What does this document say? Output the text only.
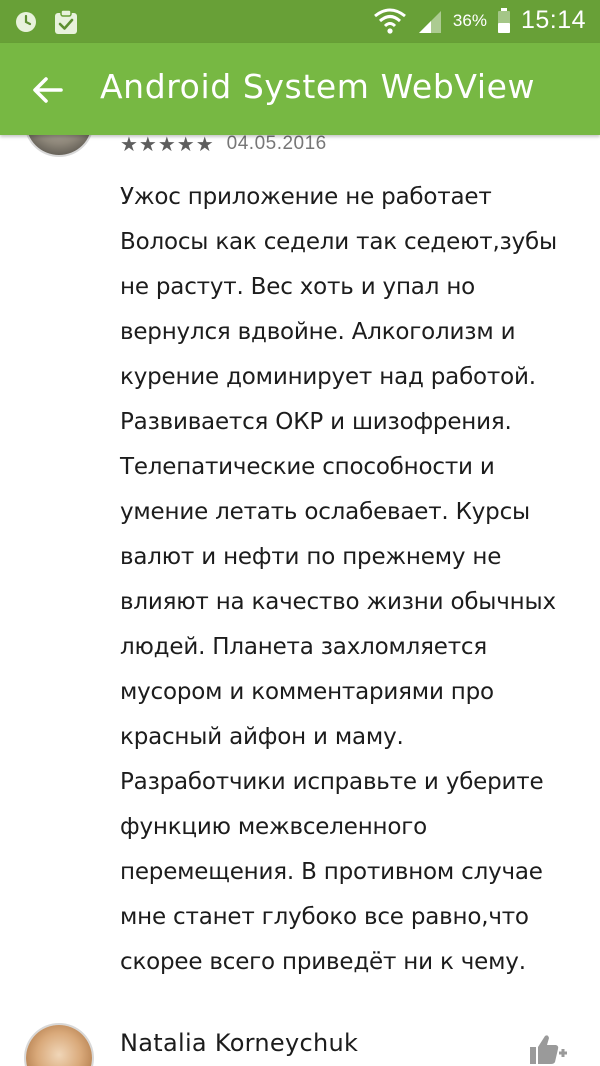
36% 15:14
Android System WebView
★★★★★ 04.05.2016

Ужос приложение не работает Волосы как седели так седеют,зубы не растут. Вес хоть и упал но вернулся вдвойне. Алкоголизм и курение доминирует над работой. Развивается ОКР и шизофрения. Телепатические способности и умение летать ослабевает. Курсы валют и нефти по прежнему не влияют на качество жизни обычных людей. Планета захломляется мусором и комментариями про красный айфон и маму. Разработчики исправьте и уберите функцию межвселенного перемещения. В противном случае мне станет глубоко все равно,что скорее всего приведёт ни к чему.

Natalia Korneychuk
